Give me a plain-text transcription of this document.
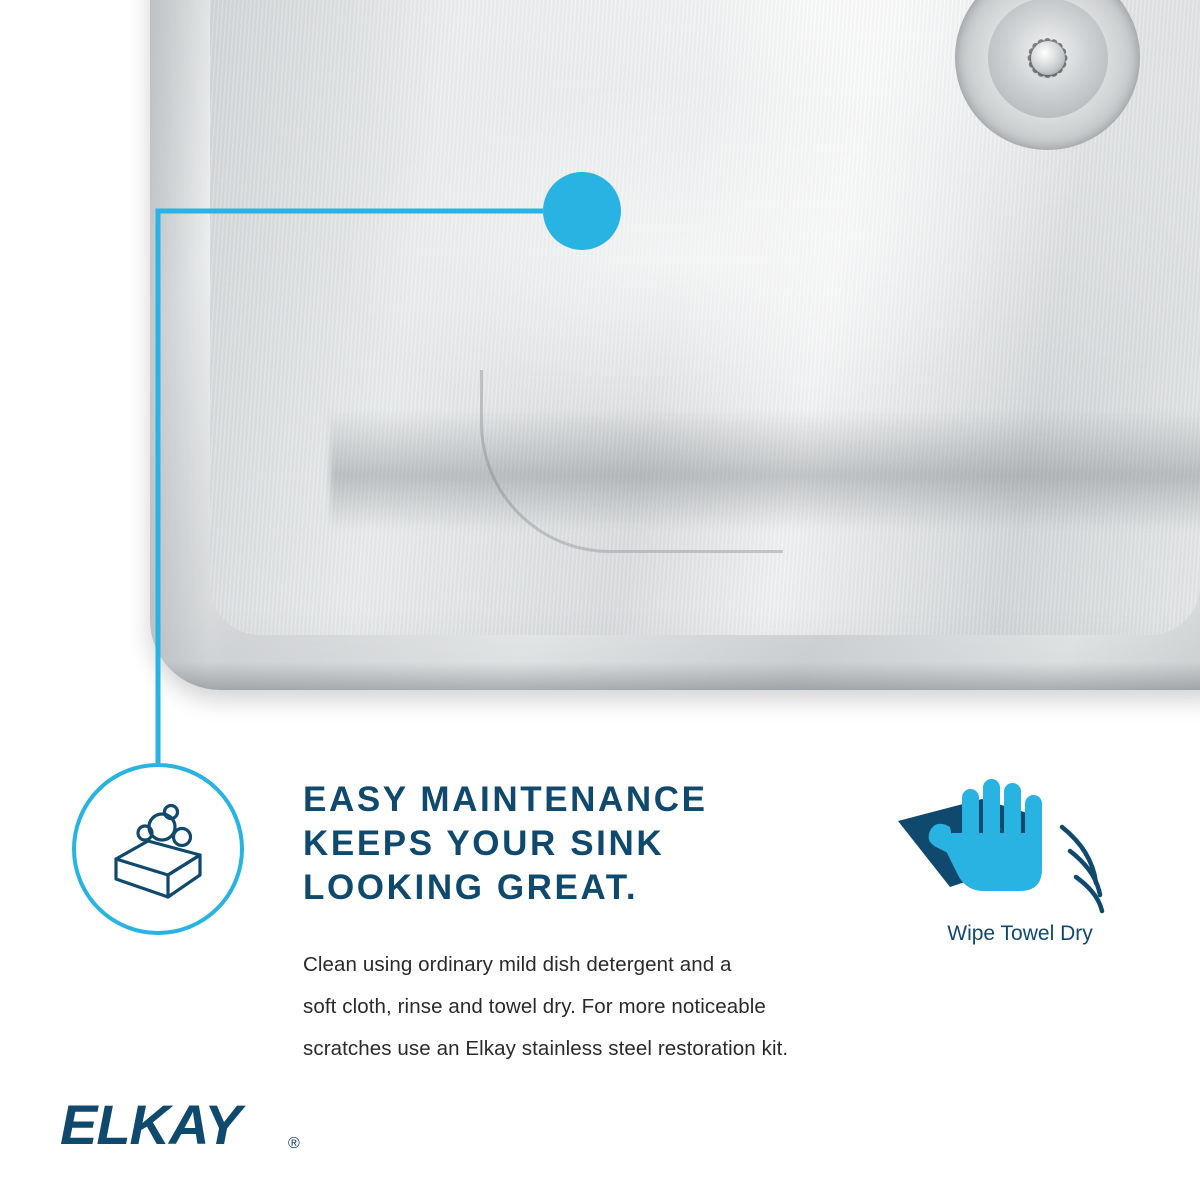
EASY MAINTENANCE
KEEPS YOUR SINK
LOOKING GREAT.
Clean using ordinary mild dish detergent and a
soft cloth, rinse and towel dry. For more noticeable
scratches use an Elkay stainless steel restoration kit.
Wipe Towel Dry
ELKAY	®
